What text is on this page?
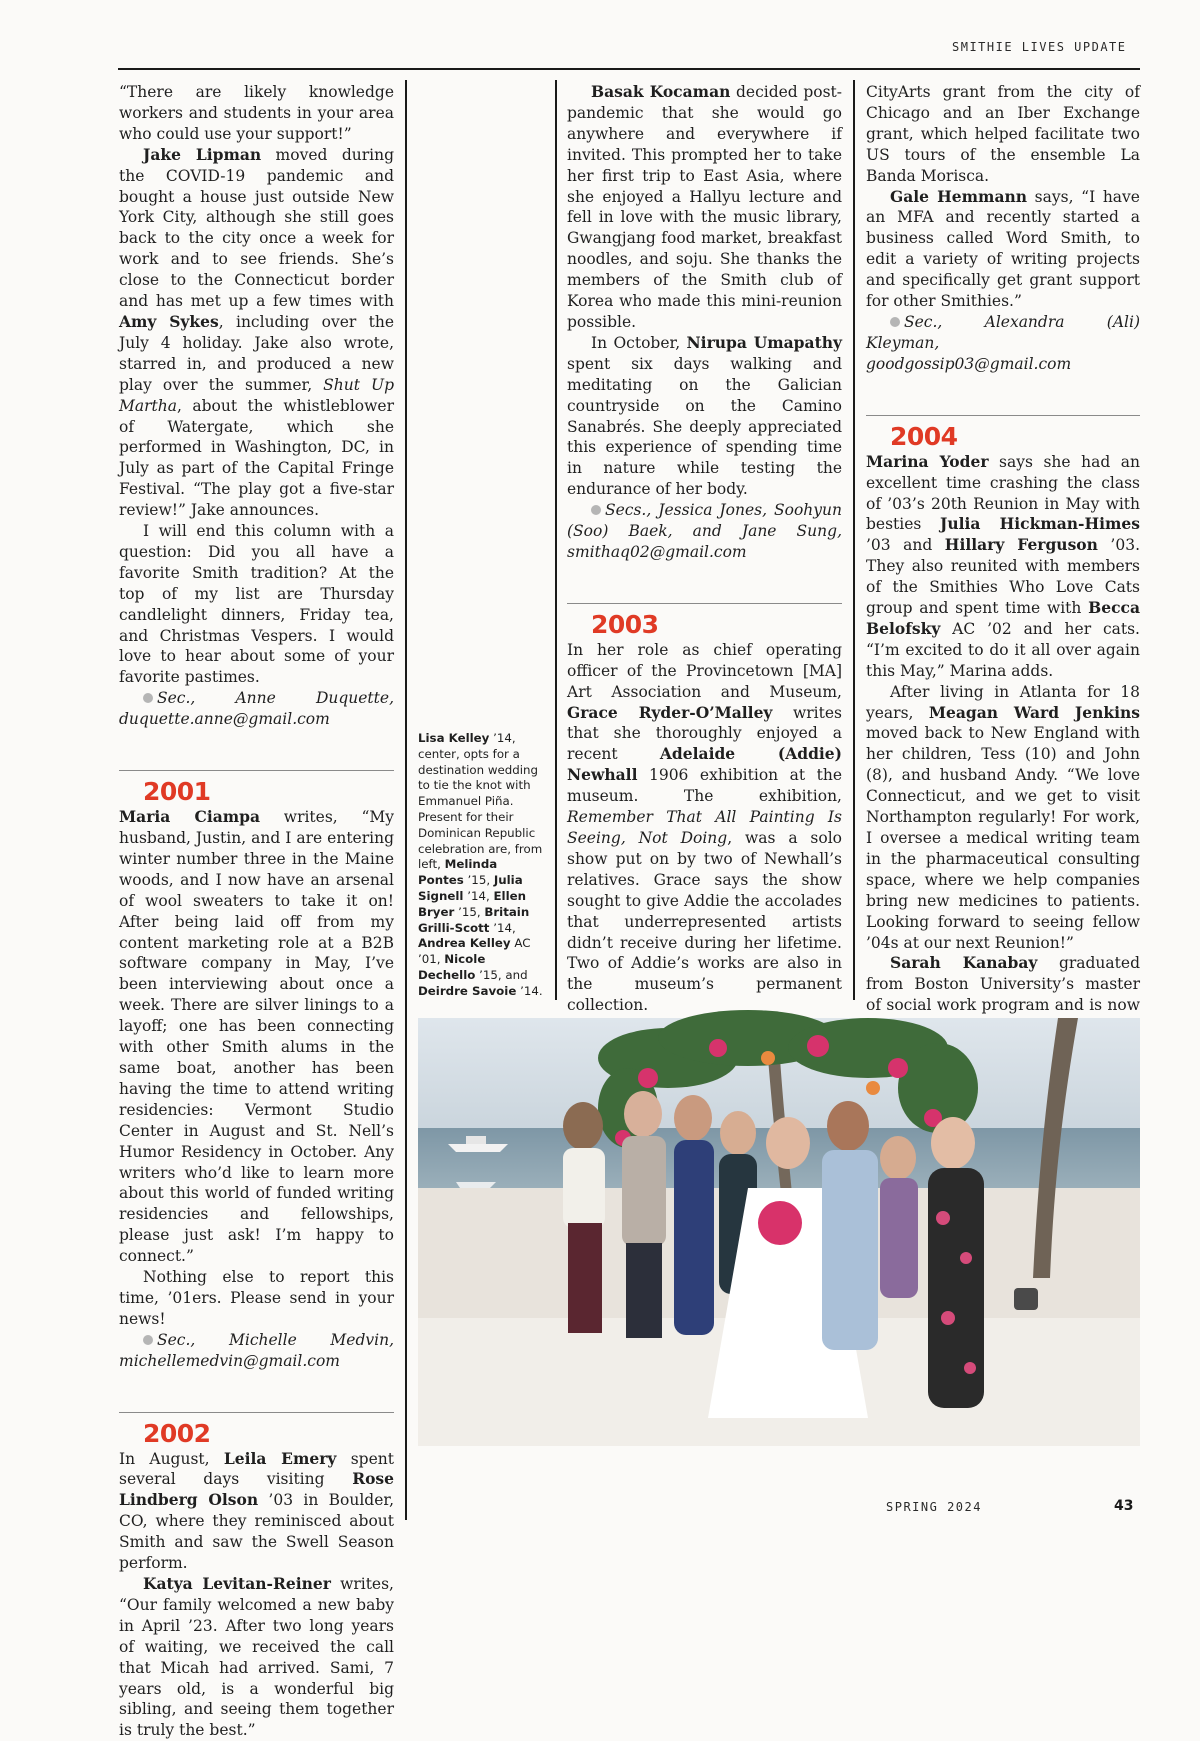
SMITHIE LIVES UPDATE

“There are likely knowledge workers and students in your area who could use your support!”

Jake Lipman moved during the COVID-19 pandemic and bought a house just outside New York City, although she still goes back to the city once a week for work and to see friends. She’s close to the Connecticut border and has met up a few times with Amy Sykes, including over the July 4 holiday. Jake also wrote, starred in, and produced a new play over the summer, Shut Up Martha, about the whistleblower of Watergate, which she performed in Washington, DC, in July as part of the Capital Fringe Festival. “The play got a five-star review!” Jake announces.

I will end this column with a question: Did you all have a favorite Smith tradition? At the top of my list are Thursday candlelight dinners, Friday tea, and Christmas Vespers. I would love to hear about some of your favorite pastimes.

Sec., Anne Duquette, duquette.anne@gmail.com

2001

Maria Ciampa writes, “My husband, Justin, and I are entering winter number three in the Maine woods, and I now have an arsenal of wool sweaters to take it on! After being laid off from my content marketing role at a B2B software company in May, I’ve been interviewing about once a week. There are silver linings to a layoff; one has been connecting with other Smith alums in the same boat, another has been having the time to attend writing residencies: Vermont Studio Center in August and St. Nell’s Humor Residency in October. Any writers who’d like to learn more about this world of funded writing residencies and fellowships, please just ask! I’m happy to connect.”

Nothing else to report this time, ’01ers. Please send in your news!

Sec., Michelle Medvin, michellemedvin@gmail.com

2002

In August, Leila Emery spent several days visiting Rose Lindberg Olson ’03 in Boulder, CO, where they reminisced about Smith and saw the Swell Season perform.

Katya Levitan-Reiner writes, “Our family welcomed a new baby in April ’23. After two long years of waiting, we received the call that Micah had arrived. Sami, 7 years old, is a wonderful big sibling, and seeing them together is truly the best.”

Lisa Kelley ’14, center, opts for a destination wedding to tie the knot with Emmanuel Piña. Present for their Dominican Republic celebration are, from left, Melinda Pontes ’15, Julia Signell ’14, Ellen Bryer ’15, Britain Grilli-Scott ’14, Andrea Kelley AC ’01, Nicole Dechello ’15, and Deirdre Savoie ’14.

Basak Kocaman decided post-pandemic that she would go anywhere and everywhere if invited. This prompted her to take her first trip to East Asia, where she enjoyed a Hallyu lecture and fell in love with the music library, Gwangjang food market, breakfast noodles, and soju. She thanks the members of the Smith club of Korea who made this mini-reunion possible.

In October, Nirupa Umapathy spent six days walking and meditating on the Galician countryside on the Camino Sanabrés. She deeply appreciated this experience of spending time in nature while testing the endurance of her body.

Secs., Jessica Jones, Soohyun (Soo) Baek, and Jane Sung, smithaq02@gmail.com

2003

In her role as chief operating officer of the Provincetown [MA] Art Association and Museum, Grace Ryder-O’Malley writes that she thoroughly enjoyed a recent Adelaide (Addie) Newhall 1906 exhibition at the museum. The exhibition, Remember That All Painting Is Seeing, Not Doing, was a solo show put on by two of Newhall’s relatives. Grace says the show sought to give Addie the accolades that underrepresented artists didn’t receive during her lifetime. Two of Addie’s works are also in the museum’s permanent collection.

CityArts grant from the city of Chicago and an Iber Exchange grant, which helped facilitate two US tours of the ensemble La Banda Morisca.

Gale Hemmann says, “I have an MFA and recently started a business called Word Smith, to edit a variety of writing projects and specifically get grant support for other Smithies.”

Sec., Alexandra (Ali) Kleyman, goodgossip03@gmail.com

2004

Marina Yoder says she had an excellent time crashing the class of ’03’s 20th Reunion in May with besties Julia Hickman-Himes ’03 and Hillary Ferguson ’03. They also reunited with members of the Smithies Who Love Cats group and spent time with Becca Belofsky AC ’02 and her cats. “I’m excited to do it all over again this May,” Marina adds.

After living in Atlanta for 18 years, Meagan Ward Jenkins moved back to New England with her children, Tess (10) and John (8), and husband Andy. “We love Connecticut, and we get to visit Northampton regularly! For work, I oversee a medical writing team in the pharmaceutical consulting space, where we help companies bring new medicines to patients. Looking forward to seeing fellow ’04s at our next Reunion!”

Sarah Kanabay graduated from Boston University’s master of social work program and is now

SPRING 2024	43
